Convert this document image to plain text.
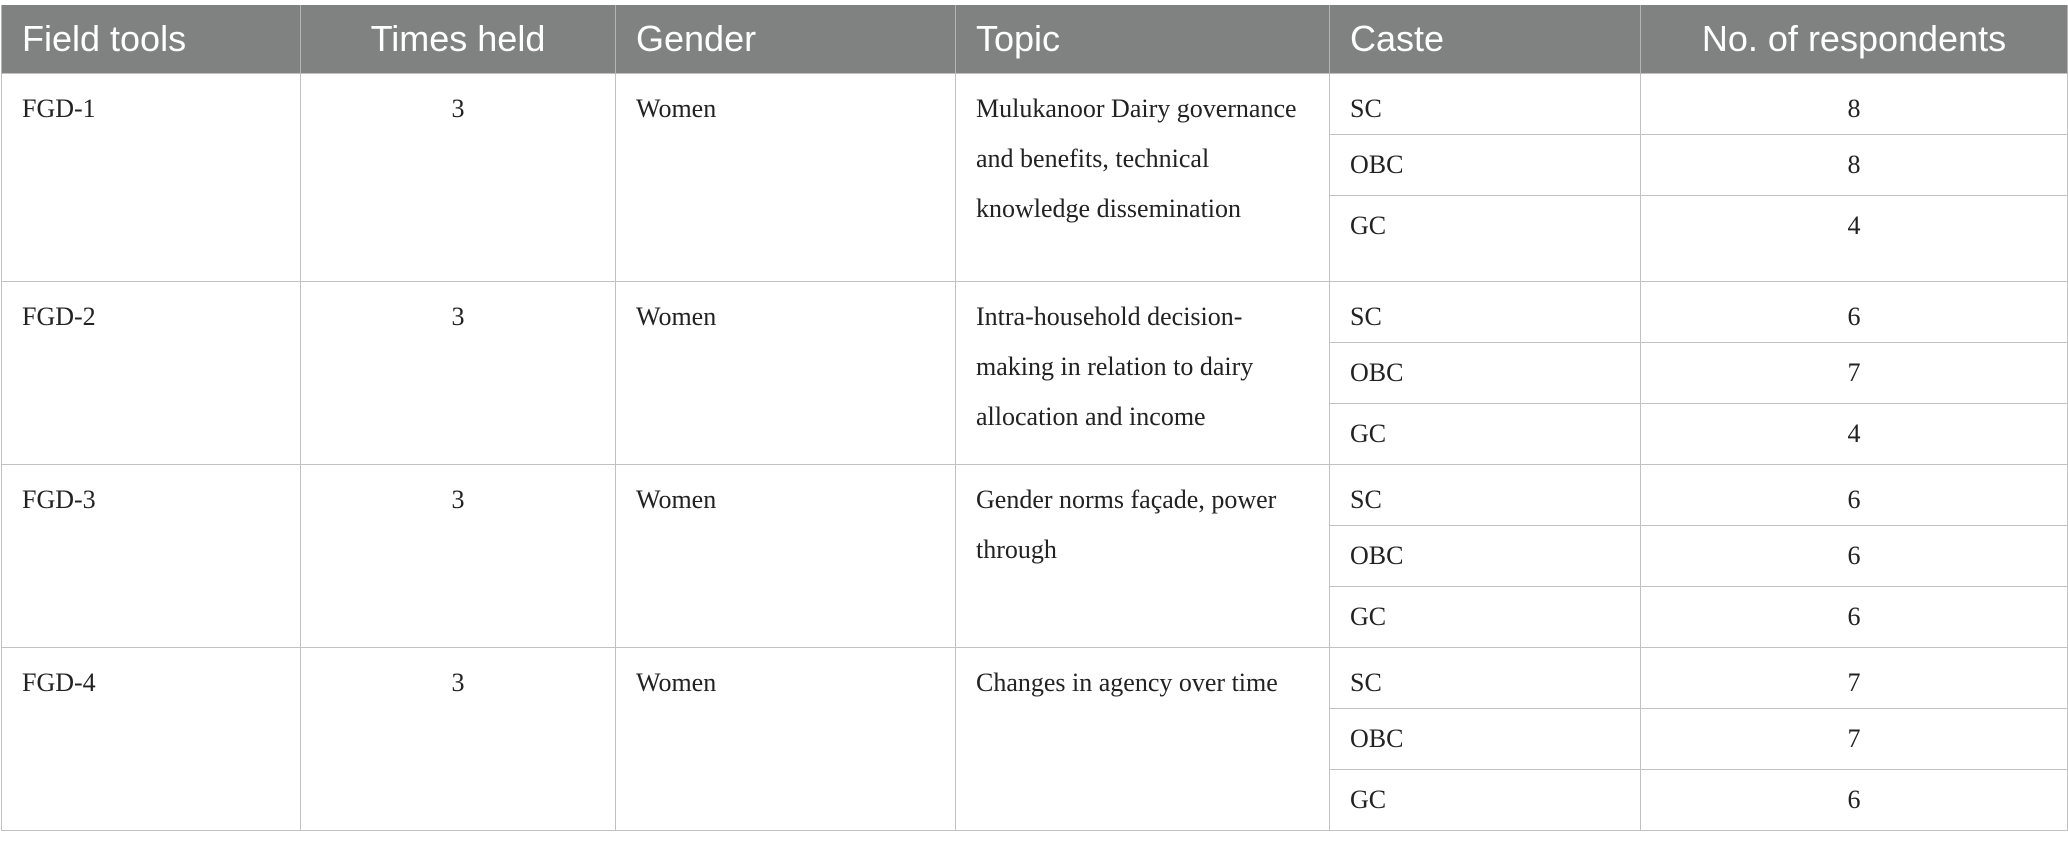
Field tools	Times held	Gender	Topic	Caste	No. of respondents
FGD-1	3	Women	Mulukanoor Dairy governance and benefits, technical knowledge dissemination	SC	8
				OBC	8
				GC	4
FGD-2	3	Women	Intra-household decision-making in relation to dairy allocation and income	SC	6
				OBC	7
				GC	4
FGD-3	3	Women	Gender norms façade, power through	SC	6
				OBC	6
				GC	6
FGD-4	3	Women	Changes in agency over time	SC	7
				OBC	7
				GC	6
